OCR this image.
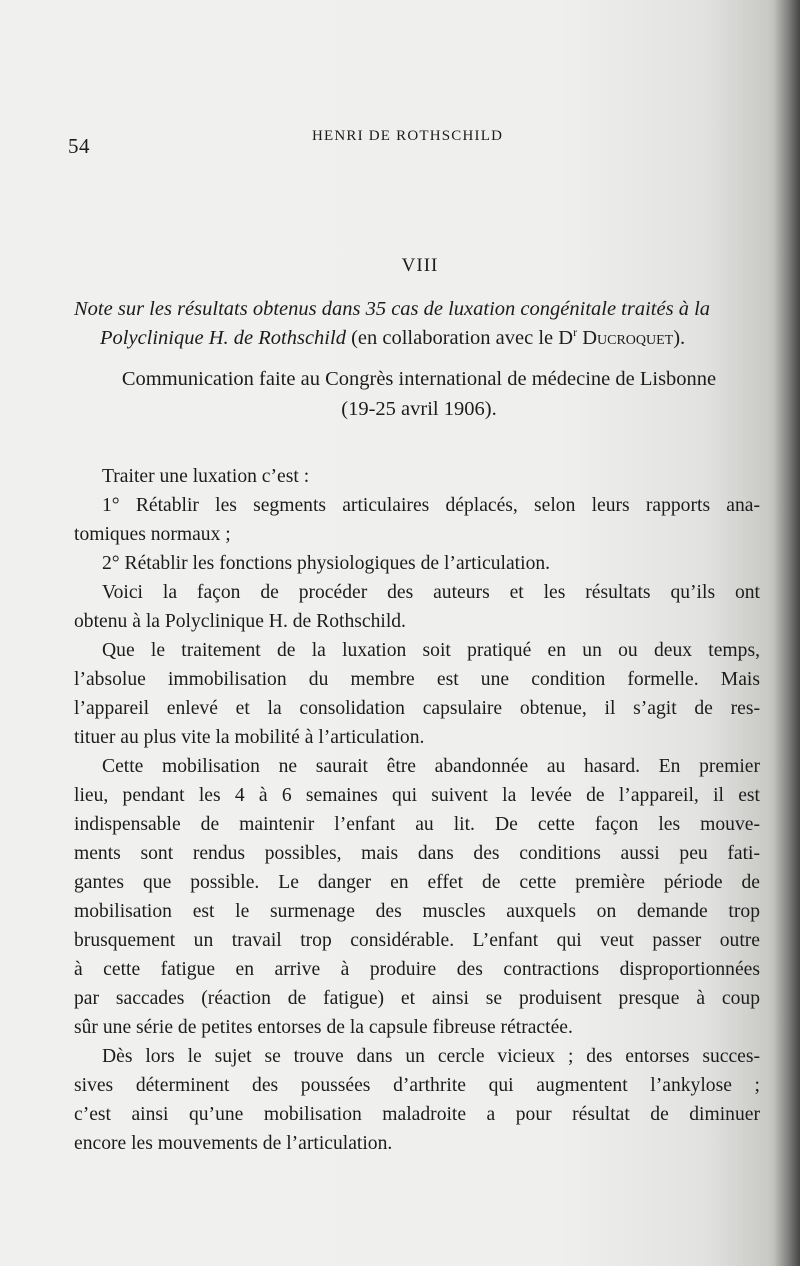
54	HENRI DE ROTHSCHILD
VIII
Note sur les résultats obtenus dans 35 cas de luxation congénitale traités à la
Polyclinique H. de Rothschild (en collaboration avec le $D^r$ Ducroquet).
Communication faite au Congrès international de médecine de Lisbonne
(19-25 avril 1906).
Traiter une luxation c’est :
1° Rétablir les segments articulaires déplacés, selon leurs rapports ana-
tomiques normaux ;
2° Rétablir les fonctions physiologiques de l’articulation.
Voici la façon de procéder des auteurs et les résultats qu’ils ont
obtenu à la Polyclinique H. de Rothschild.
Que le traitement de la luxation soit pratiqué en un ou deux temps,
l’absolue immobilisation du membre est une condition formelle. Mais
l’appareil enlevé et la consolidation capsulaire obtenue, il s’agit de res-
tituer au plus vite la mobilité à l’articulation.
Cette mobilisation ne saurait être abandonnée au hasard. En premier
lieu, pendant les 4 à 6 semaines qui suivent la levée de l’appareil, il est
indispensable de maintenir l’enfant au lit. De cette façon les mouve-
ments sont rendus possibles, mais dans des conditions aussi peu fati-
gantes que possible. Le danger en effet de cette première période de
mobilisation est le surmenage des muscles auxquels on demande trop
brusquement un travail trop considérable. L’enfant qui veut passer outre
à cette fatigue en arrive à produire des contractions disproportionnées
par saccades (réaction de fatigue) et ainsi se produisent presque à coup
sûr une série de petites entorses de la capsule fibreuse rétractée.
Dès lors le sujet se trouve dans un cercle vicieux ; des entorses succes-
sives déterminent des poussées d’arthrite qui augmentent l’ankylose ;
c’est ainsi qu’une mobilisation maladroite a pour résultat de diminuer
encore les mouvements de l’articulation.
